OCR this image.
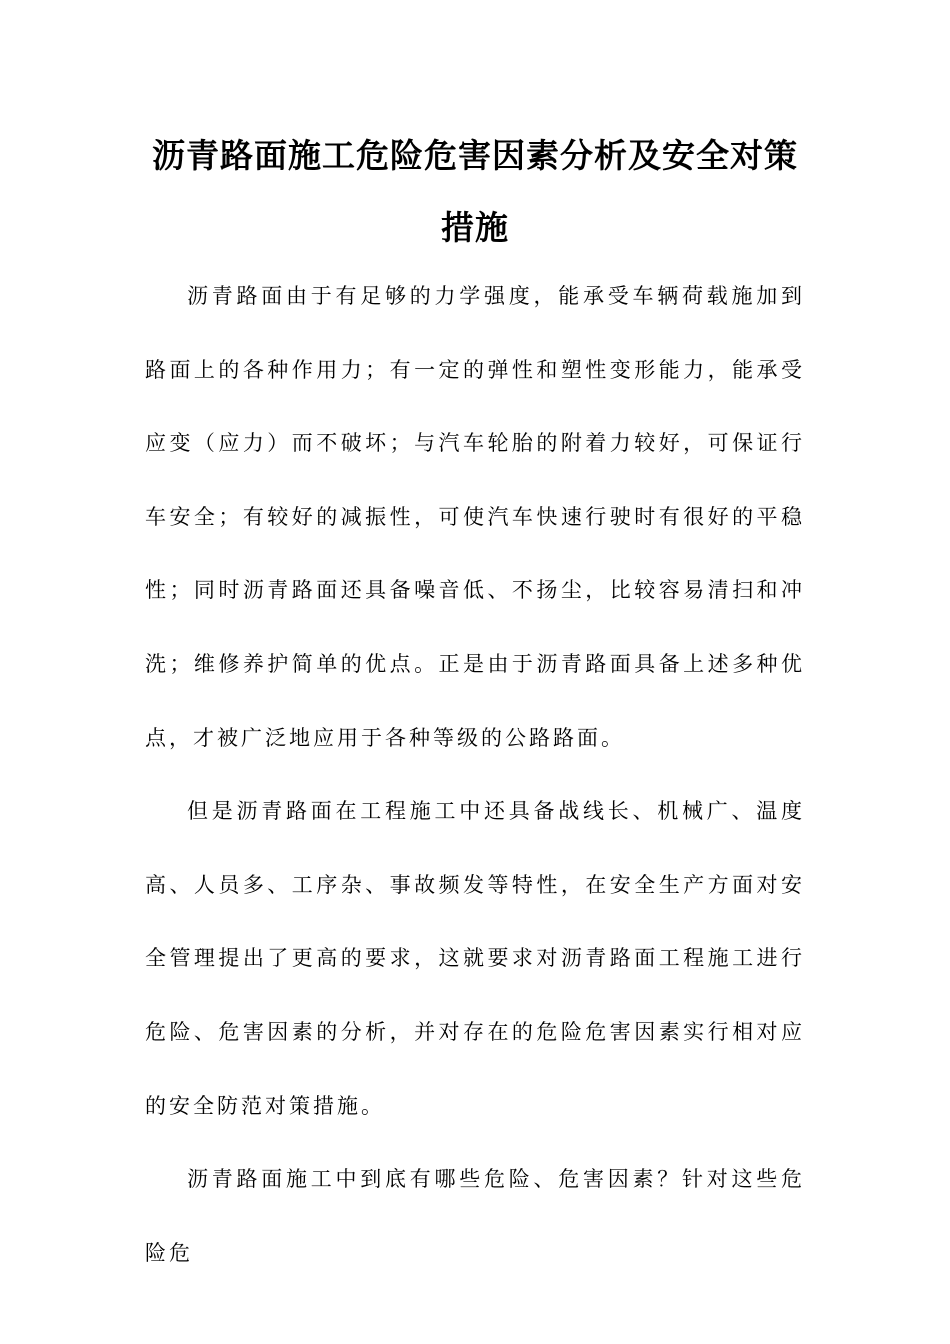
沥青路面施工危险危害因素分析及安全对策措施

沥青路面由于有足够的力学强度，能承受车辆荷载施加到路面上的各种作用力；有一定的弹性和塑性变形能力，能承受应变（应力）而不破坏；与汽车轮胎的附着力较好，可保证行车安全；有较好的减振性，可使汽车快速行驶时有很好的平稳性；同时沥青路面还具备噪音低、不扬尘，比较容易清扫和冲洗；维修养护简单的优点。正是由于沥青路面具备上述多种优点，才被广泛地应用于各种等级的公路路面。

但是沥青路面在工程施工中还具备战线长、机械广、温度高、人员多、工序杂、事故频发等特性，在安全生产方面对安全管理提出了更高的要求，这就要求对沥青路面工程施工进行危险、危害因素的分析，并对存在的危险危害因素实行相对应的安全防范对策措施。

沥青路面施工中到底有哪些危险、危害因素？针对这些危险危
